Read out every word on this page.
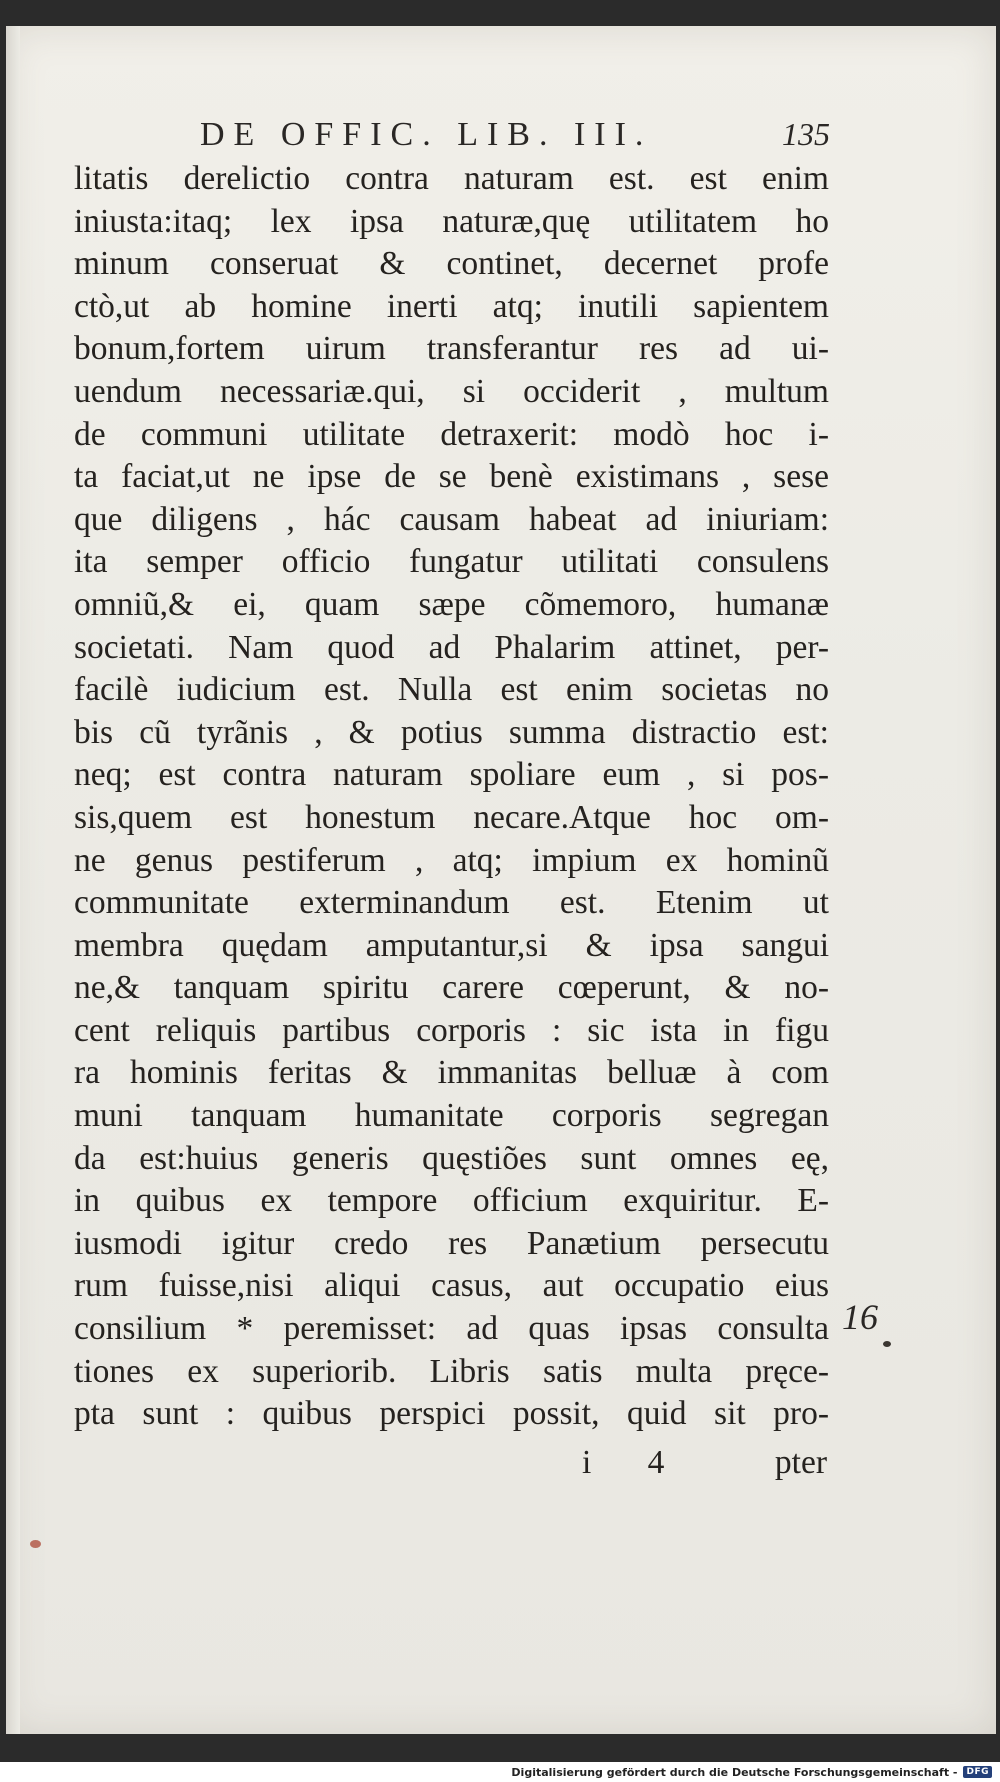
DE OFFIC. LIB. III.	135
litatis derelictio contra naturam est. est enim
iniusta:itaq; lex ipsa naturæ,quę utilitatem ho
minum conseruat & continet, decernet profe
ctò,ut ab homine inerti atq; inutili sapientem
bonum,fortem uirum transferantur res ad ui-
uendum necessariæ.qui, si occiderit , multum
de communi utilitate detraxerit: modò hoc i-
ta faciat,ut ne ipse de se benè existimans , sese
que diligens , hác causam habeat ad iniuriam:
ita semper officio fungatur utilitati consulens
omniũ,& ei, quam sæpe cõmemoro, humanæ
societati. Nam quod ad Phalarim attinet, per-
facilè iudicium est. Nulla est enim societas no
bis cũ tyrãnis , & potius summa distractio est:
neq; est contra naturam spoliare eum , si pos-
sis,quem est honestum necare.Atque hoc om-
ne genus pestiferum , atq; impium ex hominũ
communitate exterminandum est. Etenim ut
membra quędam amputantur,si & ipsa sangui
ne,& tanquam spiritu carere cœperunt, & no-
cent reliquis partibus corporis : sic ista in figu
ra hominis feritas & immanitas belluæ à com
muni tanquam humanitate corporis segregan
da est:huius generis quęstiões sunt omnes eę,
in quibus ex tempore officium exquiritur. E-
iusmodi igitur credo res Panætium persecutu
rum fuisse,nisi aliqui casus, aut occupatio eius
consilium * peremisset: ad quas ipsas consulta
tiones ex superiorib. Libris satis multa pręce-
pta sunt : quibus perspici possit, quid sit pro-
i 4	pter
16
Digitalisierung gefördert durch die Deutsche Forschungsgemeinschaft -	DFG
